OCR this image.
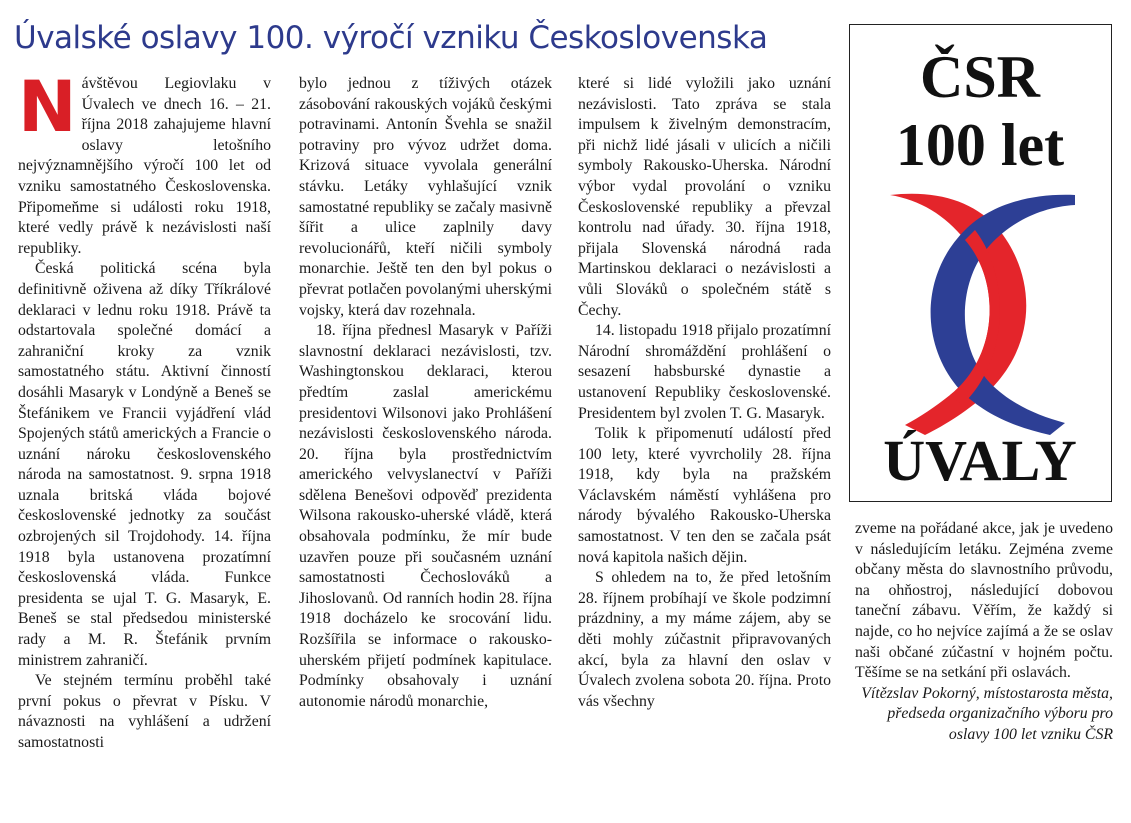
Úvalské oslavy 100. výročí vzniku Československa

Návštěvou Legiovlaku v Úvalech ve dnech 16. – 21. října 2018 zahajujeme hlavní oslavy letošního nejvýznamnějšího výročí 100 let od vzniku samostatného Československa. Připomeňme si události roku 1918, které vedly právě k nezávislosti naší republiky.

Česká politická scéna byla definitivně oživena až díky Tříkrálové deklaraci v lednu roku 1918. Právě ta odstartovala společné domácí a zahraniční kroky za vznik samostatného státu. Aktivní činností dosáhli Masaryk v Londýně a Beneš se Štefánikem ve Francii vyjádření vlád Spojených států amerických a Francie o uznání nároku československého národa na samostatnost. 9. srpna 1918 uznala britská vláda bojové československé jednotky za součást ozbrojených sil Trojdohody. 14. října 1918 byla ustanovena prozatímní československá vláda. Funkce presidenta se ujal T. G. Masaryk, E. Beneš se stal předsedou ministerské rady a M. R. Štefánik prvním ministrem zahraničí.

Ve stejném termínu proběhl také první pokus o převrat v Písku. V návaznosti na vyhlášení a udržení samostatnosti

bylo jednou z tíživých otázek zásobování rakouských vojáků českými potravinami. Antonín Švehla se snažil potraviny pro vývoz udržet doma. Krizová situace vyvolala generální stávku. Letáky vyhlašující vznik samostatné republiky se začaly masivně šířit a ulice zaplnily davy revolucionářů, kteří ničili symboly monarchie. Ještě ten den byl pokus o převrat potlačen povolanými uherskými vojsky, která dav rozehnala.

18. října přednesl Masaryk v Paříži slavnostní deklaraci nezávislosti, tzv. Washingtonskou deklaraci, kterou předtím zaslal americkému presidentovi Wilsonovi jako Prohlášení nezávislosti československého národa. 20. října byla prostřednictvím amerického velvyslanectví v Paříži sdělena Benešovi odpověď prezidenta Wilsona rakousko-uherské vládě, která obsahovala podmínku, že mír bude uzavřen pouze při současném uznání samostatnosti Čechoslováků a Jihoslovanů. Od ranních hodin 28. října 1918 docházelo ke srocování lidu. Rozšířila se informace o rakousko-uherském přijetí podmínek kapitulace. Podmínky obsahovaly i uznání autonomie národů monarchie,

které si lidé vyložili jako uznání nezávislosti. Tato zpráva se stala impulsem k živelným demonstracím, při nichž lidé jásali v ulicích a ničili symboly Rakousko-Uherska. Národní výbor vydal provolání o vzniku Československé republiky a převzal kontrolu nad úřady. 30. října 1918, přijala Slovenská národná rada Martinskou deklaraci o nezávislosti a vůli Slováků o společném státě s Čechy.

14. listopadu 1918 přijalo prozatímní Národní shromáždění prohlášení o sesazení habsburské dynastie a ustanovení Republiky československé. Presidentem byl zvolen T. G. Masaryk.

Tolik k připomenutí událostí před 100 lety, které vyvrcholily 28. října 1918, kdy byla na pražském Václavském náměstí vyhlášena pro národy bývalého Rakousko-Uherska samostatnost. V ten den se začala psát nová kapitola našich dějin.

S ohledem na to, že před letošním 28. říjnem probíhají ve škole podzimní prázdniny, a my máme zájem, aby se děti mohly zúčastnit připravovaných akcí, byla za hlavní den oslav v Úvalech zvolena sobota 20. října. Proto vás všechny

zveme na pořádané akce, jak je uvedeno v následujícím letáku. Zejména zveme občany města do slavnostního průvodu, na ohňostroj, následující dobovou taneční zábavu. Věřím, že každý si najde, co ho nejvíce zajímá a že se oslav naši občané zúčastní v hojném počtu. Těšíme se na setkání při oslavách.

Vítězslav Pokorný, místostarosta města, předseda organizačního výboru pro oslavy 100 let vzniku ČSR

ČSR
100 let
ÚVALY
